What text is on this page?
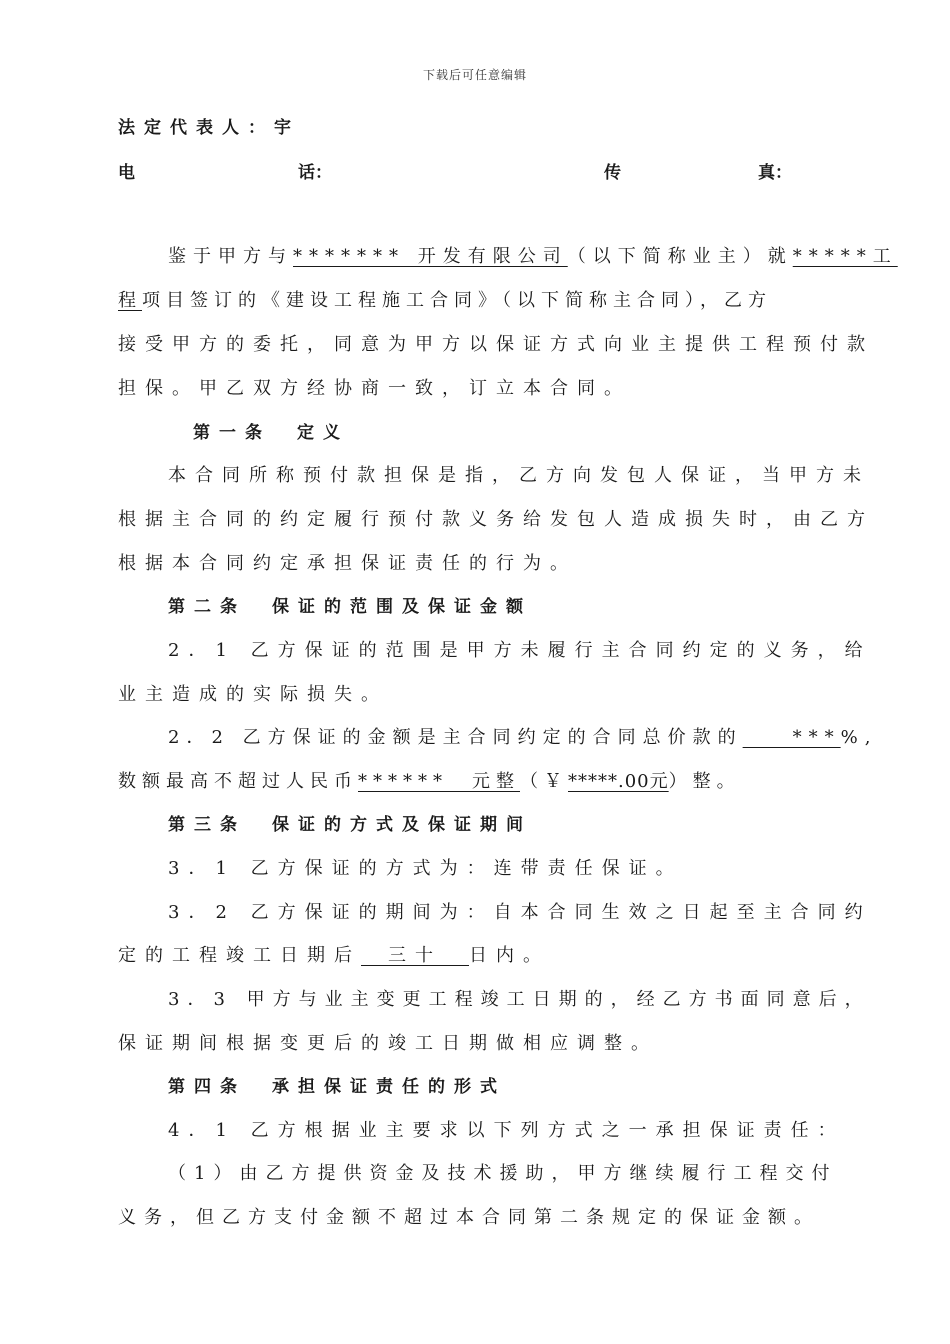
下载后可任意编辑
法定代表人：宇
电	话：	传	真：
鉴于甲方与******* 开发有限公司（以下简称业主）就*****工
程项目签订的《建设工程施工合同》（以下简称主合同），乙方
接受甲方的委托，同意为甲方以保证方式向业主提供工程预付款
担保。甲乙双方经协商一致，订立本合同。
第一条　定义
本合同所称预付款担保是指，乙方向发包人保证，当甲方未
根据主合同的约定履行预付款义务给发包人造成损失时，由乙方
根据本合同约定承担保证责任的行为。
第二条　保证的范围及保证金额
2．1 乙方保证的范围是甲方未履行主合同约定的义务，给
业主造成的实际损失。
2．2 乙方保证的金额是主合同约定的合同总价款的　　***%,
数额最高不超过人民币******　元整（￥*****.00元）整。
第三条　保证的方式及保证期间
3．1 乙方保证的方式为：连带责任保证。
3．2 乙方保证的期间为：自本合同生效之日起至主合同约
定的工程竣工日期后　三十　日内。
3．3 甲方与业主变更工程竣工日期的，经乙方书面同意后，
保证期间根据变更后的竣工日期做相应调整。
第四条　承担保证责任的形式
4．1 乙方根据业主要求以下列方式之一承担保证责任：
（1）由乙方提供资金及技术援助，甲方继续履行工程交付
义务，但乙方支付金额不超过本合同第二条规定的保证金额。
